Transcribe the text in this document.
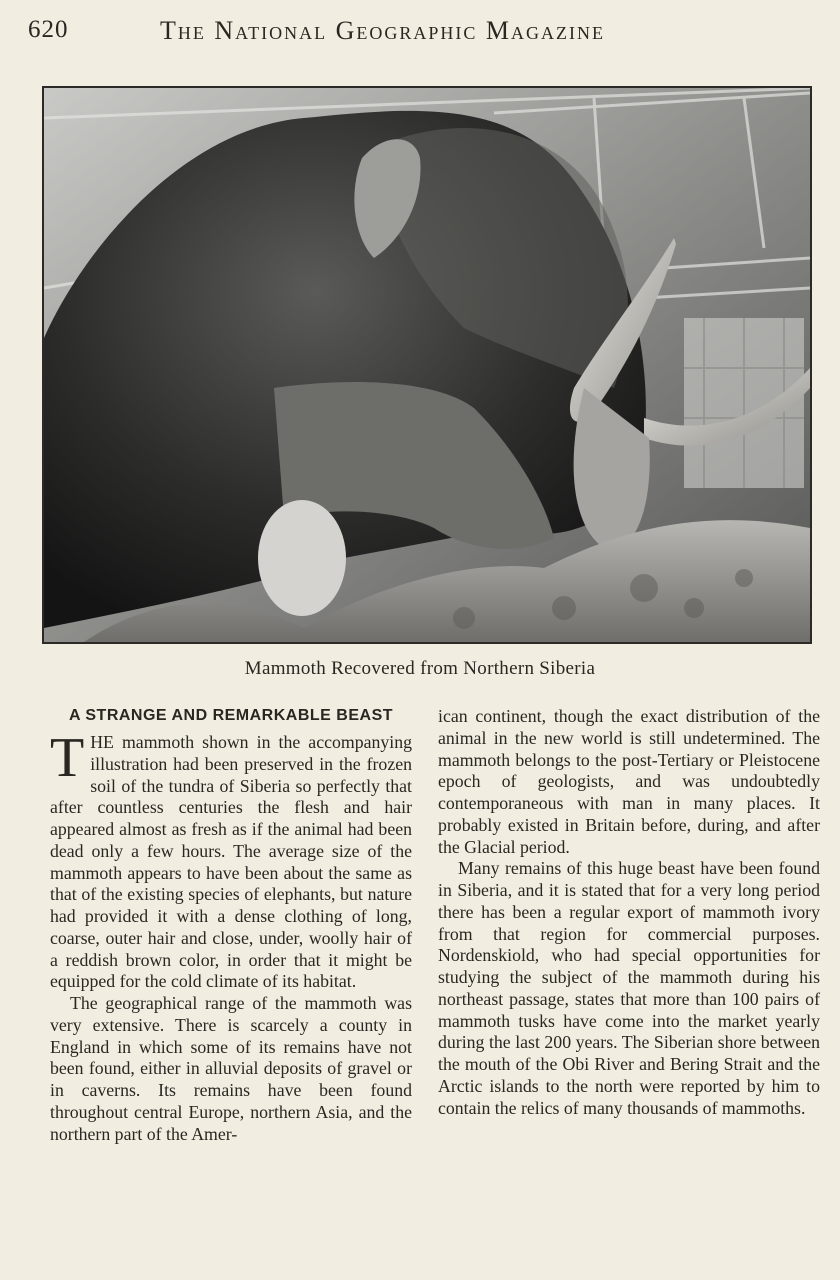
620	The National Geographic Magazine
Mammoth Recovered from Northern Siberia
A STRANGE AND REMARKABLE BEAST

THE mammoth shown in the accompanying illustration had been preserved in the frozen soil of the tundra of Siberia so perfectly that after countless centuries the flesh and hair appeared almost as fresh as if the animal had been dead only a few hours. The average size of the mammoth appears to have been about the same as that of the existing species of elephants, but nature had provided it with a dense clothing of long, coarse, outer hair and close, under, woolly hair of a reddish brown color, in order that it might be equipped for the cold climate of its habitat.

The geographical range of the mammoth was very extensive. There is scarcely a county in England in which some of its remains have not been found, either in alluvial deposits of gravel or in caverns. Its remains have been found throughout central Europe, northern Asia, and the northern part of the Amer-

ican continent, though the exact distribution of the animal in the new world is still undetermined. The mammoth belongs to the post-Tertiary or Pleistocene epoch of geologists, and was undoubtedly contemporaneous with man in many places. It probably existed in Britain before, during, and after the Glacial period.

Many remains of this huge beast have been found in Siberia, and it is stated that for a very long period there has been a regular export of mammoth ivory from that region for commercial purposes. Nordenskiold, who had special opportunities for studying the subject of the mammoth during his northeast passage, states that more than 100 pairs of mammoth tusks have come into the market yearly during the last 200 years. The Siberian shore between the mouth of the Obi River and Bering Strait and the Arctic islands to the north were reported by him to contain the relics of many thousands of mammoths.
